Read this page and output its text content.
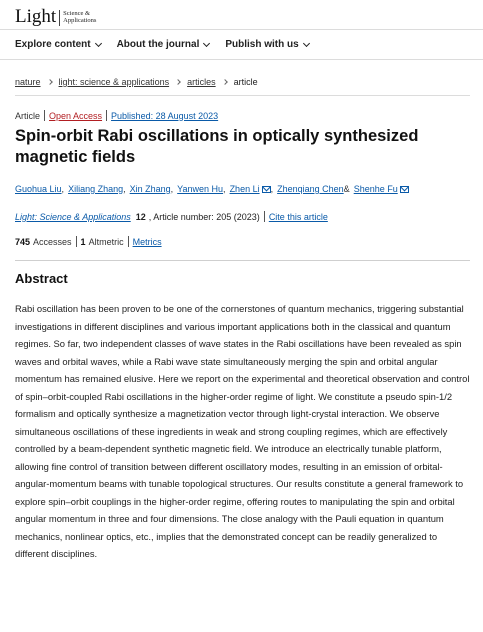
Light Science &
Applications
Explore content	About the journal	Publish with us
nature light: science & applications articles article
Article Open Access Published: 28 August 2023
Spin-orbit Rabi oscillations in optically synthesized magnetic fields
Guohua Liu , Xiliang Zhang , Xin Zhang , Yanwen Hu , Zhen Li	, Zhenqiang Chen & Shenhe Fu
Light: Science & Applications 12 , Article number: 205 (2023) Cite this article
745 Accesses 1 Altmetric Metrics
Abstract

Rabi oscillation has been proven to be one of the cornerstones of quantum mechanics, triggering substantial investigations in different disciplines and various important applications both in the classical and quantum regimes. So far, two independent classes of wave states in the Rabi oscillations have been revealed as spin waves and orbital waves, while a Rabi wave state simultaneously merging the spin and orbital angular momentum has remained elusive. Here we report on the experimental and theoretical observation and control of spin–orbit-coupled Rabi oscillations in the higher-order regime of light. We constitute a pseudo spin-1/2 formalism and optically synthesize a magnetization vector through light-crystal interaction. We observe simultaneous oscillations of these ingredients in weak and strong coupling regimes, which are effectively controlled by a beam-dependent synthetic magnetic field. We introduce an electrically tunable platform, allowing fine control of transition between different oscillatory modes, resulting in an emission of orbital-angular-momentum beams with tunable topological structures. Our results constitute a general framework to explore spin–orbit couplings in the higher-order regime, offering routes to manipulating the spin and orbital angular momentum in three and four dimensions. The close analogy with the Pauli equation in quantum mechanics, nonlinear optics, etc., implies that the demonstrated concept can be readily generalized to different disciplines.
